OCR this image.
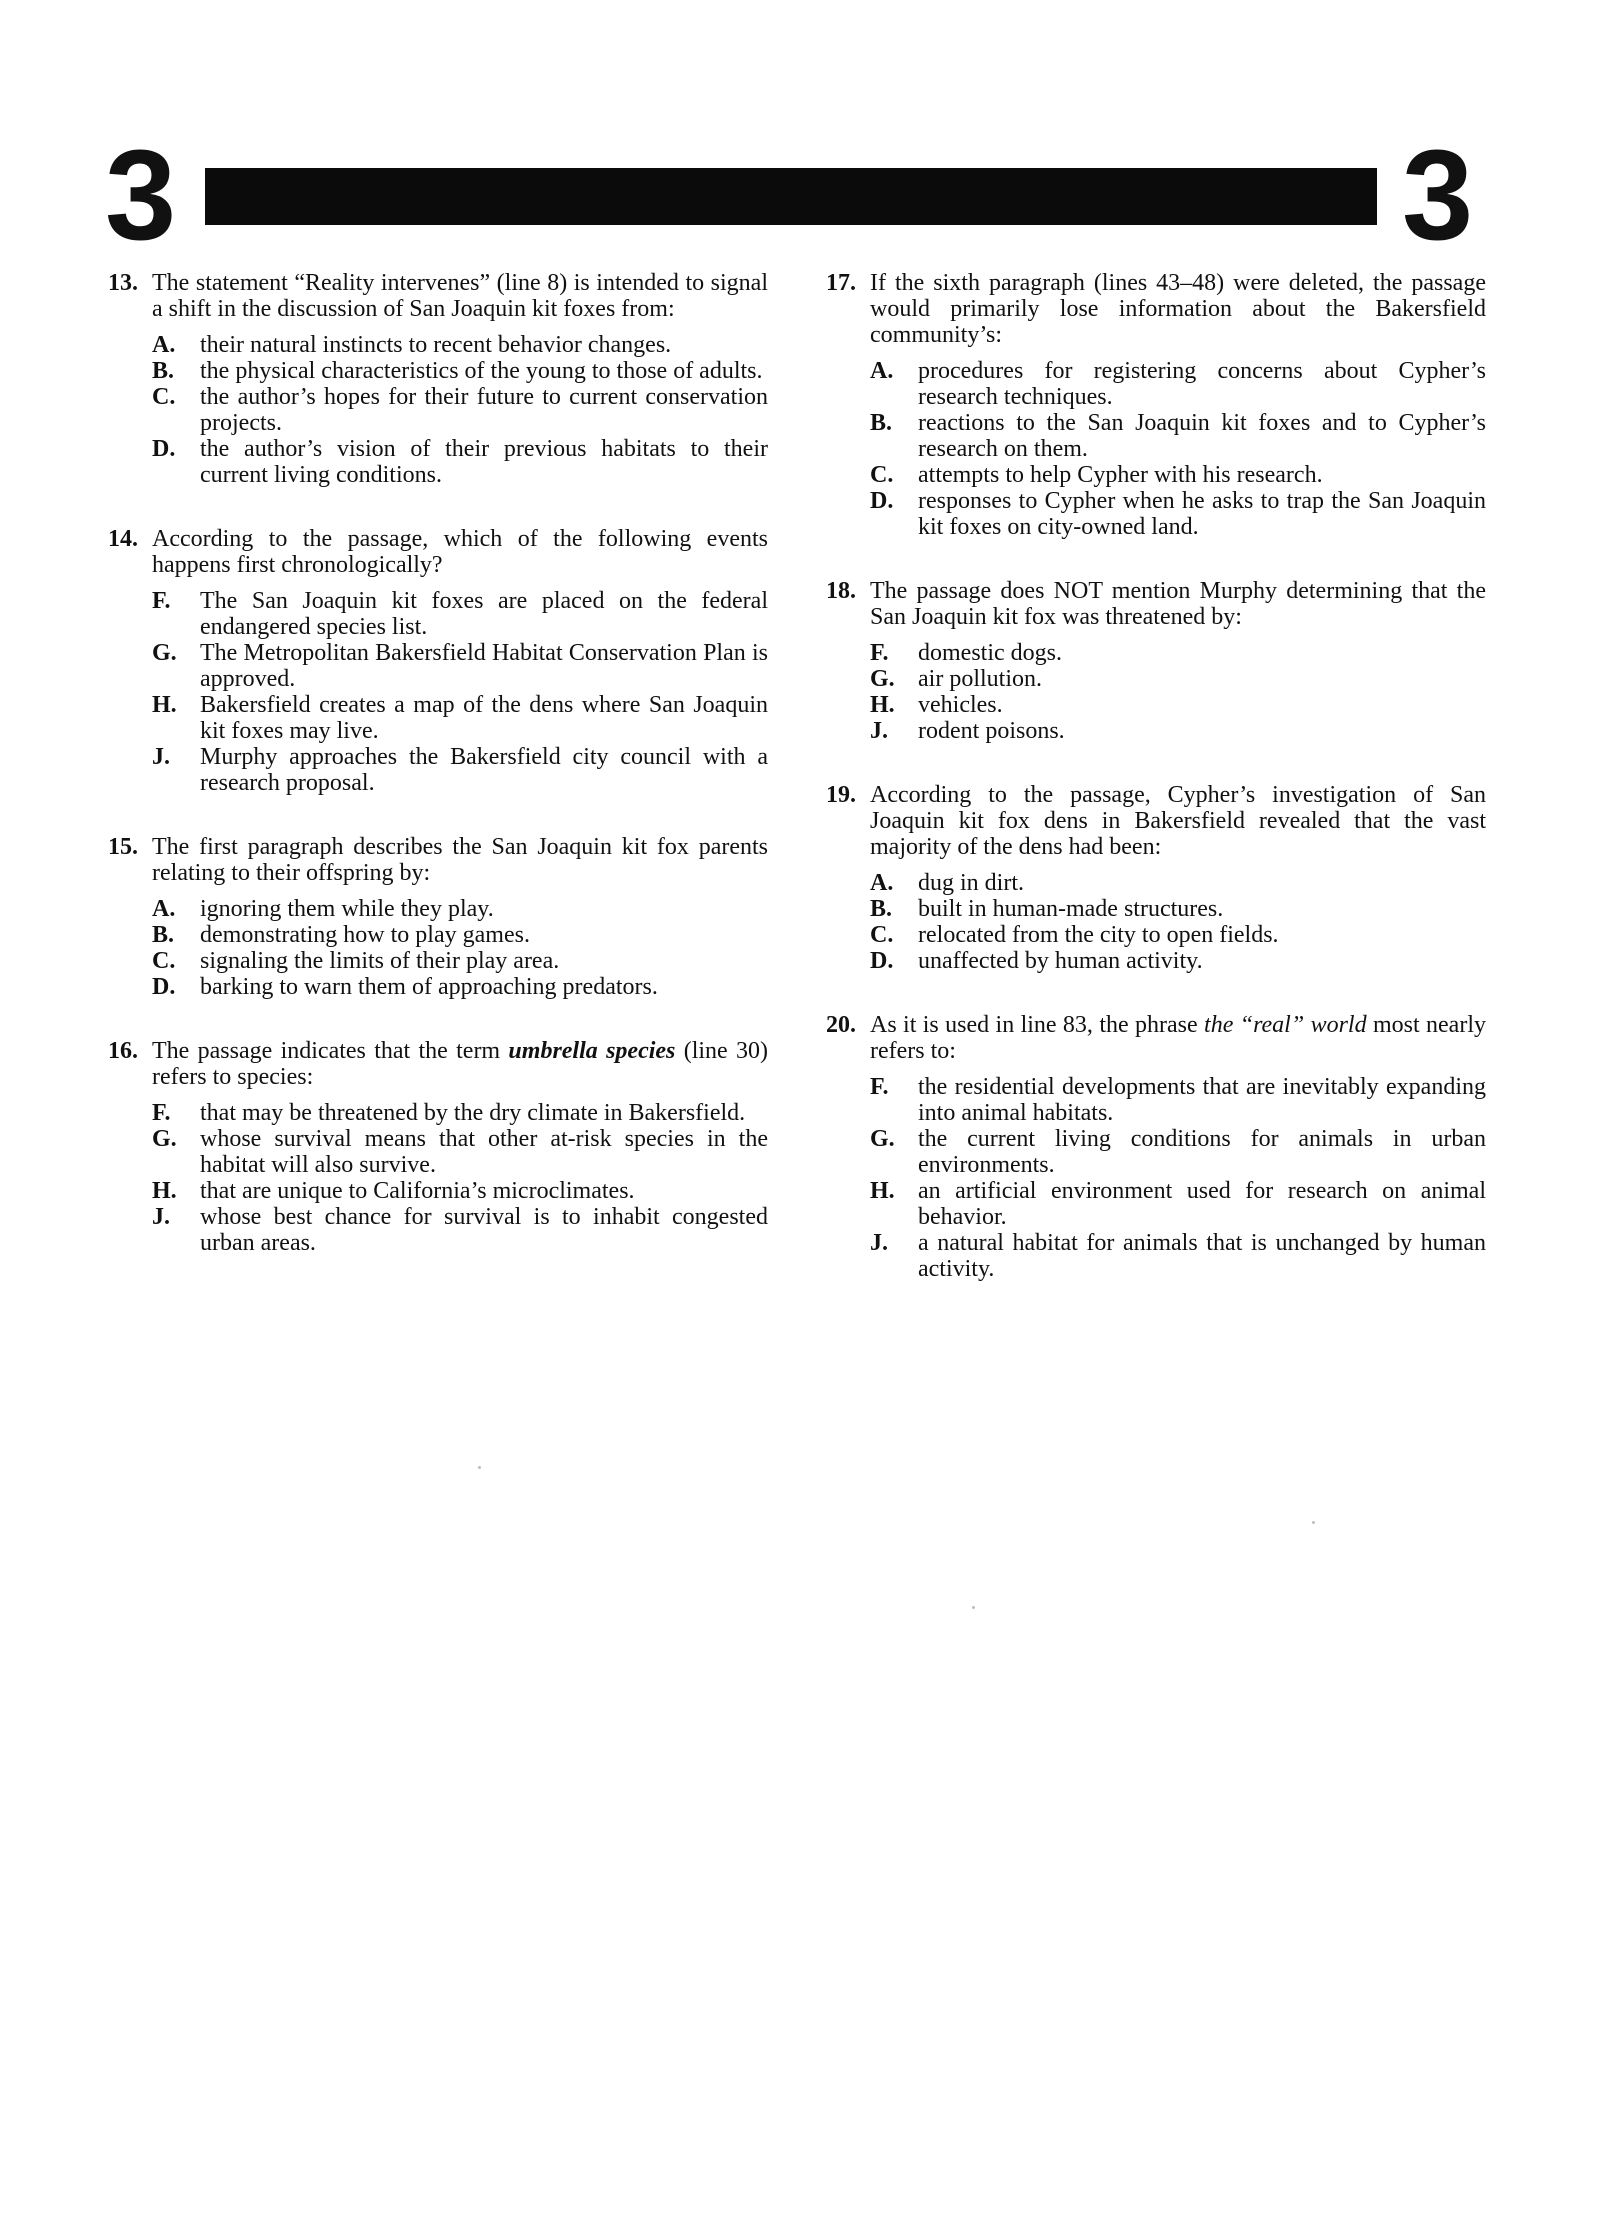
3	3
13. The statement “Reality intervenes” (line 8) is intended to signal a shift in the discussion of San Joaquin kit foxes from:
A. their natural instincts to recent behavior changes.
B. the physical characteristics of the young to those of adults.
C. the author’s hopes for their future to current conservation projects.
D. the author’s vision of their previous habitats to their current living conditions.
14. According to the passage, which of the following events happens first chronologically?
F. The San Joaquin kit foxes are placed on the federal endangered species list.
G. The Metropolitan Bakersfield Habitat Conservation Plan is approved.
H. Bakersfield creates a map of the dens where San Joaquin kit foxes may live.
J. Murphy approaches the Bakersfield city council with a research proposal.
15. The first paragraph describes the San Joaquin kit fox parents relating to their offspring by:
A. ignoring them while they play.
B. demonstrating how to play games.
C. signaling the limits of their play area.
D. barking to warn them of approaching predators.
16. The passage indicates that the term umbrella species (line 30) refers to species:
F. that may be threatened by the dry climate in Bakersfield.
G. whose survival means that other at-risk species in the habitat will also survive.
H. that are unique to California’s microclimates.
J. whose best chance for survival is to inhabit congested urban areas.
17. If the sixth paragraph (lines 43–48) were deleted, the passage would primarily lose information about the Bakersfield community’s:
A. procedures for registering concerns about Cypher’s research techniques.
B. reactions to the San Joaquin kit foxes and to Cypher’s research on them.
C. attempts to help Cypher with his research.
D. responses to Cypher when he asks to trap the San Joaquin kit foxes on city-owned land.
18. The passage does NOT mention Murphy determining that the San Joaquin kit fox was threatened by:
F. domestic dogs.
G. air pollution.
H. vehicles.
J. rodent poisons.
19. According to the passage, Cypher’s investigation of San Joaquin kit fox dens in Bakersfield revealed that the vast majority of the dens had been:
A. dug in dirt.
B. built in human-made structures.
C. relocated from the city to open fields.
D. unaffected by human activity.
20. As it is used in line 83, the phrase the “real” world most nearly refers to:
F. the residential developments that are inevitably expanding into animal habitats.
G. the current living conditions for animals in urban environments.
H. an artificial environment used for research on animal behavior.
J. a natural habitat for animals that is unchanged by human activity.
